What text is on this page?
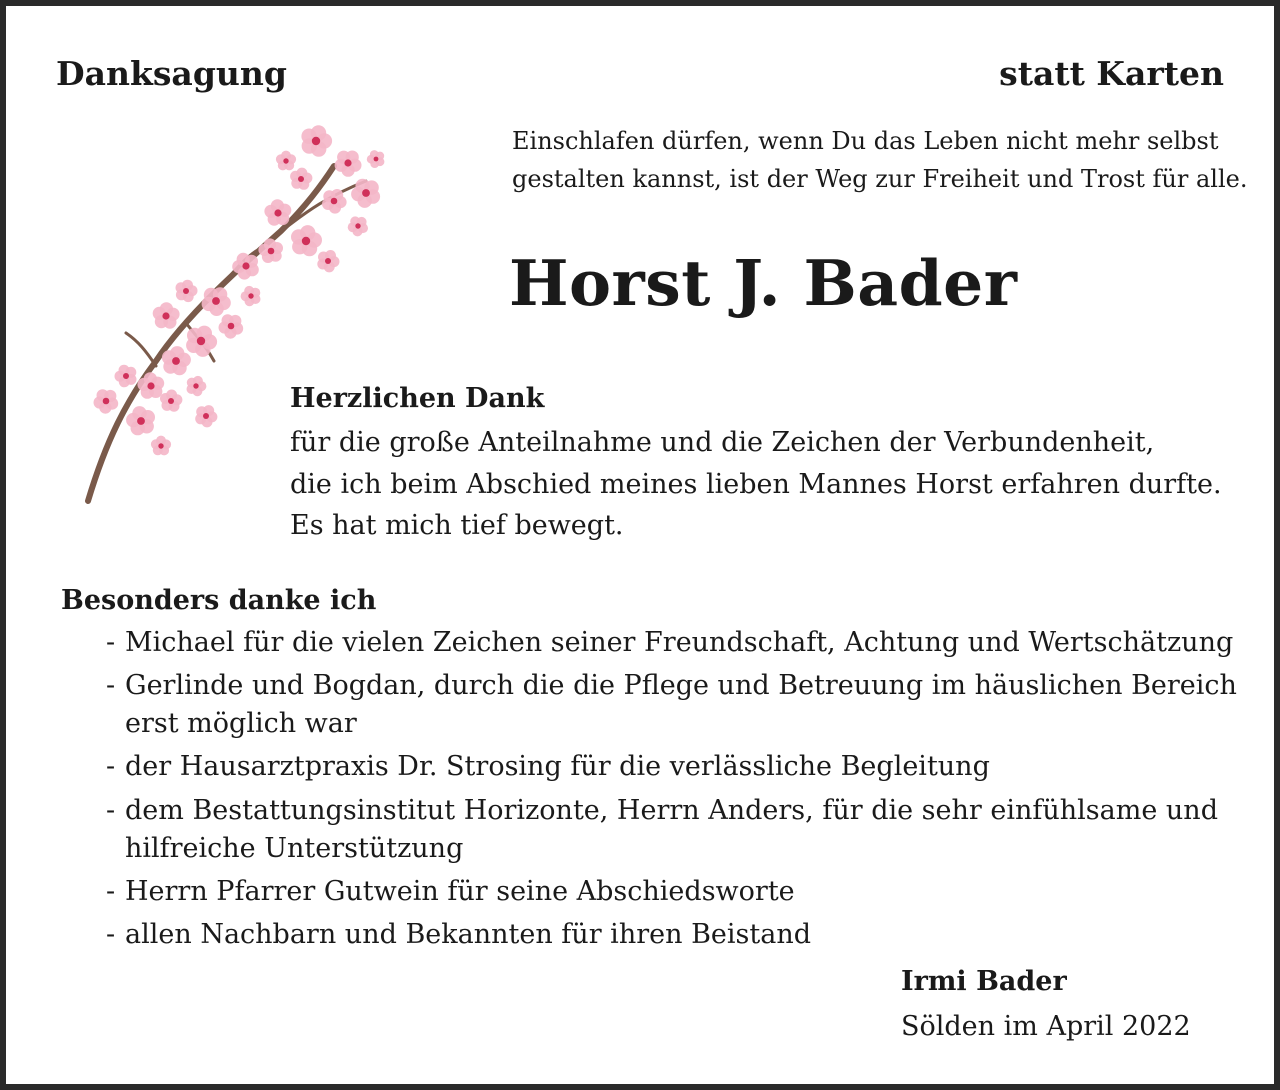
Danksagung	statt Karten

Einschlafen dürfen, wenn Du das Leben nicht mehr selbst

gestalten kannst, ist der Weg zur Freiheit und Trost für alle.

Horst J. Bader

Herzlichen Dank

für die große Anteilnahme und die Zeichen der Verbundenheit,

die ich beim Abschied meines lieben Mannes Horst erfahren durfte.

Es hat mich tief bewegt.

Besonders danke ich

- Michael für die vielen Zeichen seiner Freundschaft, Achtung und Wertschätzung

- Gerlinde und Bogdan, durch die die Pflege und Betreuung im häuslichen Bereich

erst möglich war

- der Hausarztpraxis Dr. Strosing für die verlässliche Begleitung

- dem Bestattungsinstitut Horizonte, Herrn Anders, für die sehr einfühlsame und

hilfreiche Unterstützung

- Herrn Pfarrer Gutwein für seine Abschiedsworte

- allen Nachbarn und Bekannten für ihren Beistand

Irmi Bader

Sölden im April 2022
